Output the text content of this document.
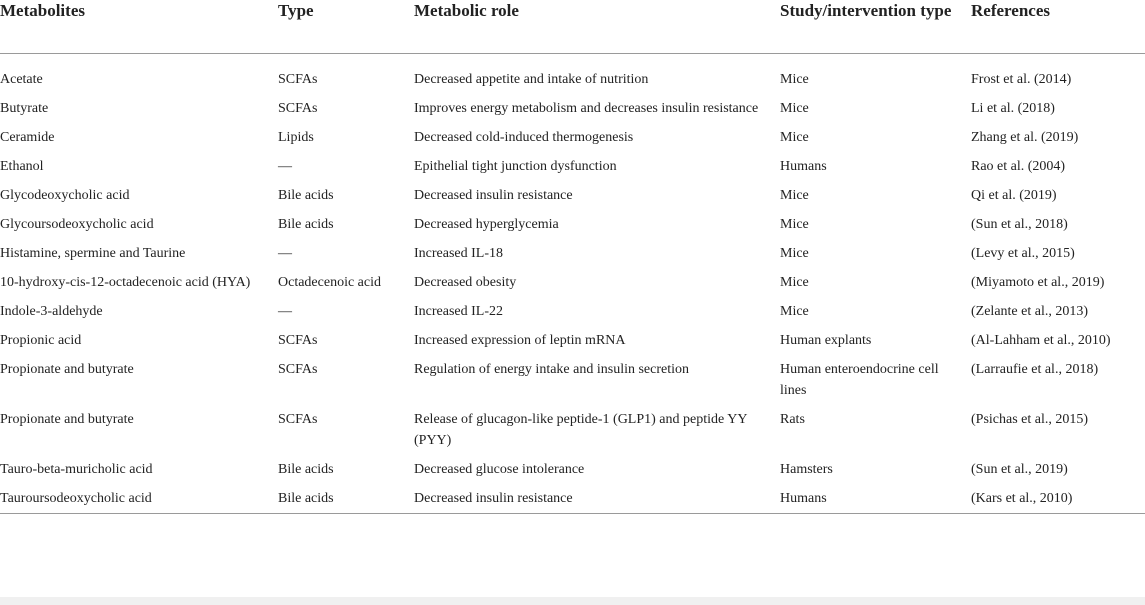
Metabolites	Type	Metabolic role	Study/intervention type	References
Acetate	SCFAs	Decreased appetite and intake of nutrition	Mice	Frost et al. (2014)
Butyrate	SCFAs	Improves energy metabolism and decreases insulin resistance	Mice	Li et al. (2018)
Ceramide	Lipids	Decreased cold-induced thermogenesis	Mice	Zhang et al. (2019)
Ethanol	—	Epithelial tight junction dysfunction	Humans	Rao et al. (2004)
Glycodeoxycholic acid	Bile acids	Decreased insulin resistance	Mice	Qi et al. (2019)
Glycoursodeoxycholic acid	Bile acids	Decreased hyperglycemia	Mice	(Sun et al., 2018)
Histamine, spermine and Taurine	—	Increased IL-18	Mice	(Levy et al., 2015)
10-hydroxy-cis-12-octadecenoic acid (HYA)	Octadecenoic acid	Decreased obesity	Mice	(Miyamoto et al., 2019)
Indole-3-aldehyde	—	Increased IL-22	Mice	(Zelante et al., 2013)
Propionic acid	SCFAs	Increased expression of leptin mRNA	Human explants	(Al-Lahham et al., 2010)
Propionate and butyrate	SCFAs	Regulation of energy intake and insulin secretion	Human enteroendocrine cell lines	(Larraufie et al., 2018)
Propionate and butyrate	SCFAs	Release of glucagon-like peptide-1 (GLP1) and peptide YY (PYY)	Rats	(Psichas et al., 2015)
Tauro-beta-muricholic acid	Bile acids	Decreased glucose intolerance	Hamsters	(Sun et al., 2019)
Tauroursodeoxycholic acid	Bile acids	Decreased insulin resistance	Humans	(Kars et al., 2010)
